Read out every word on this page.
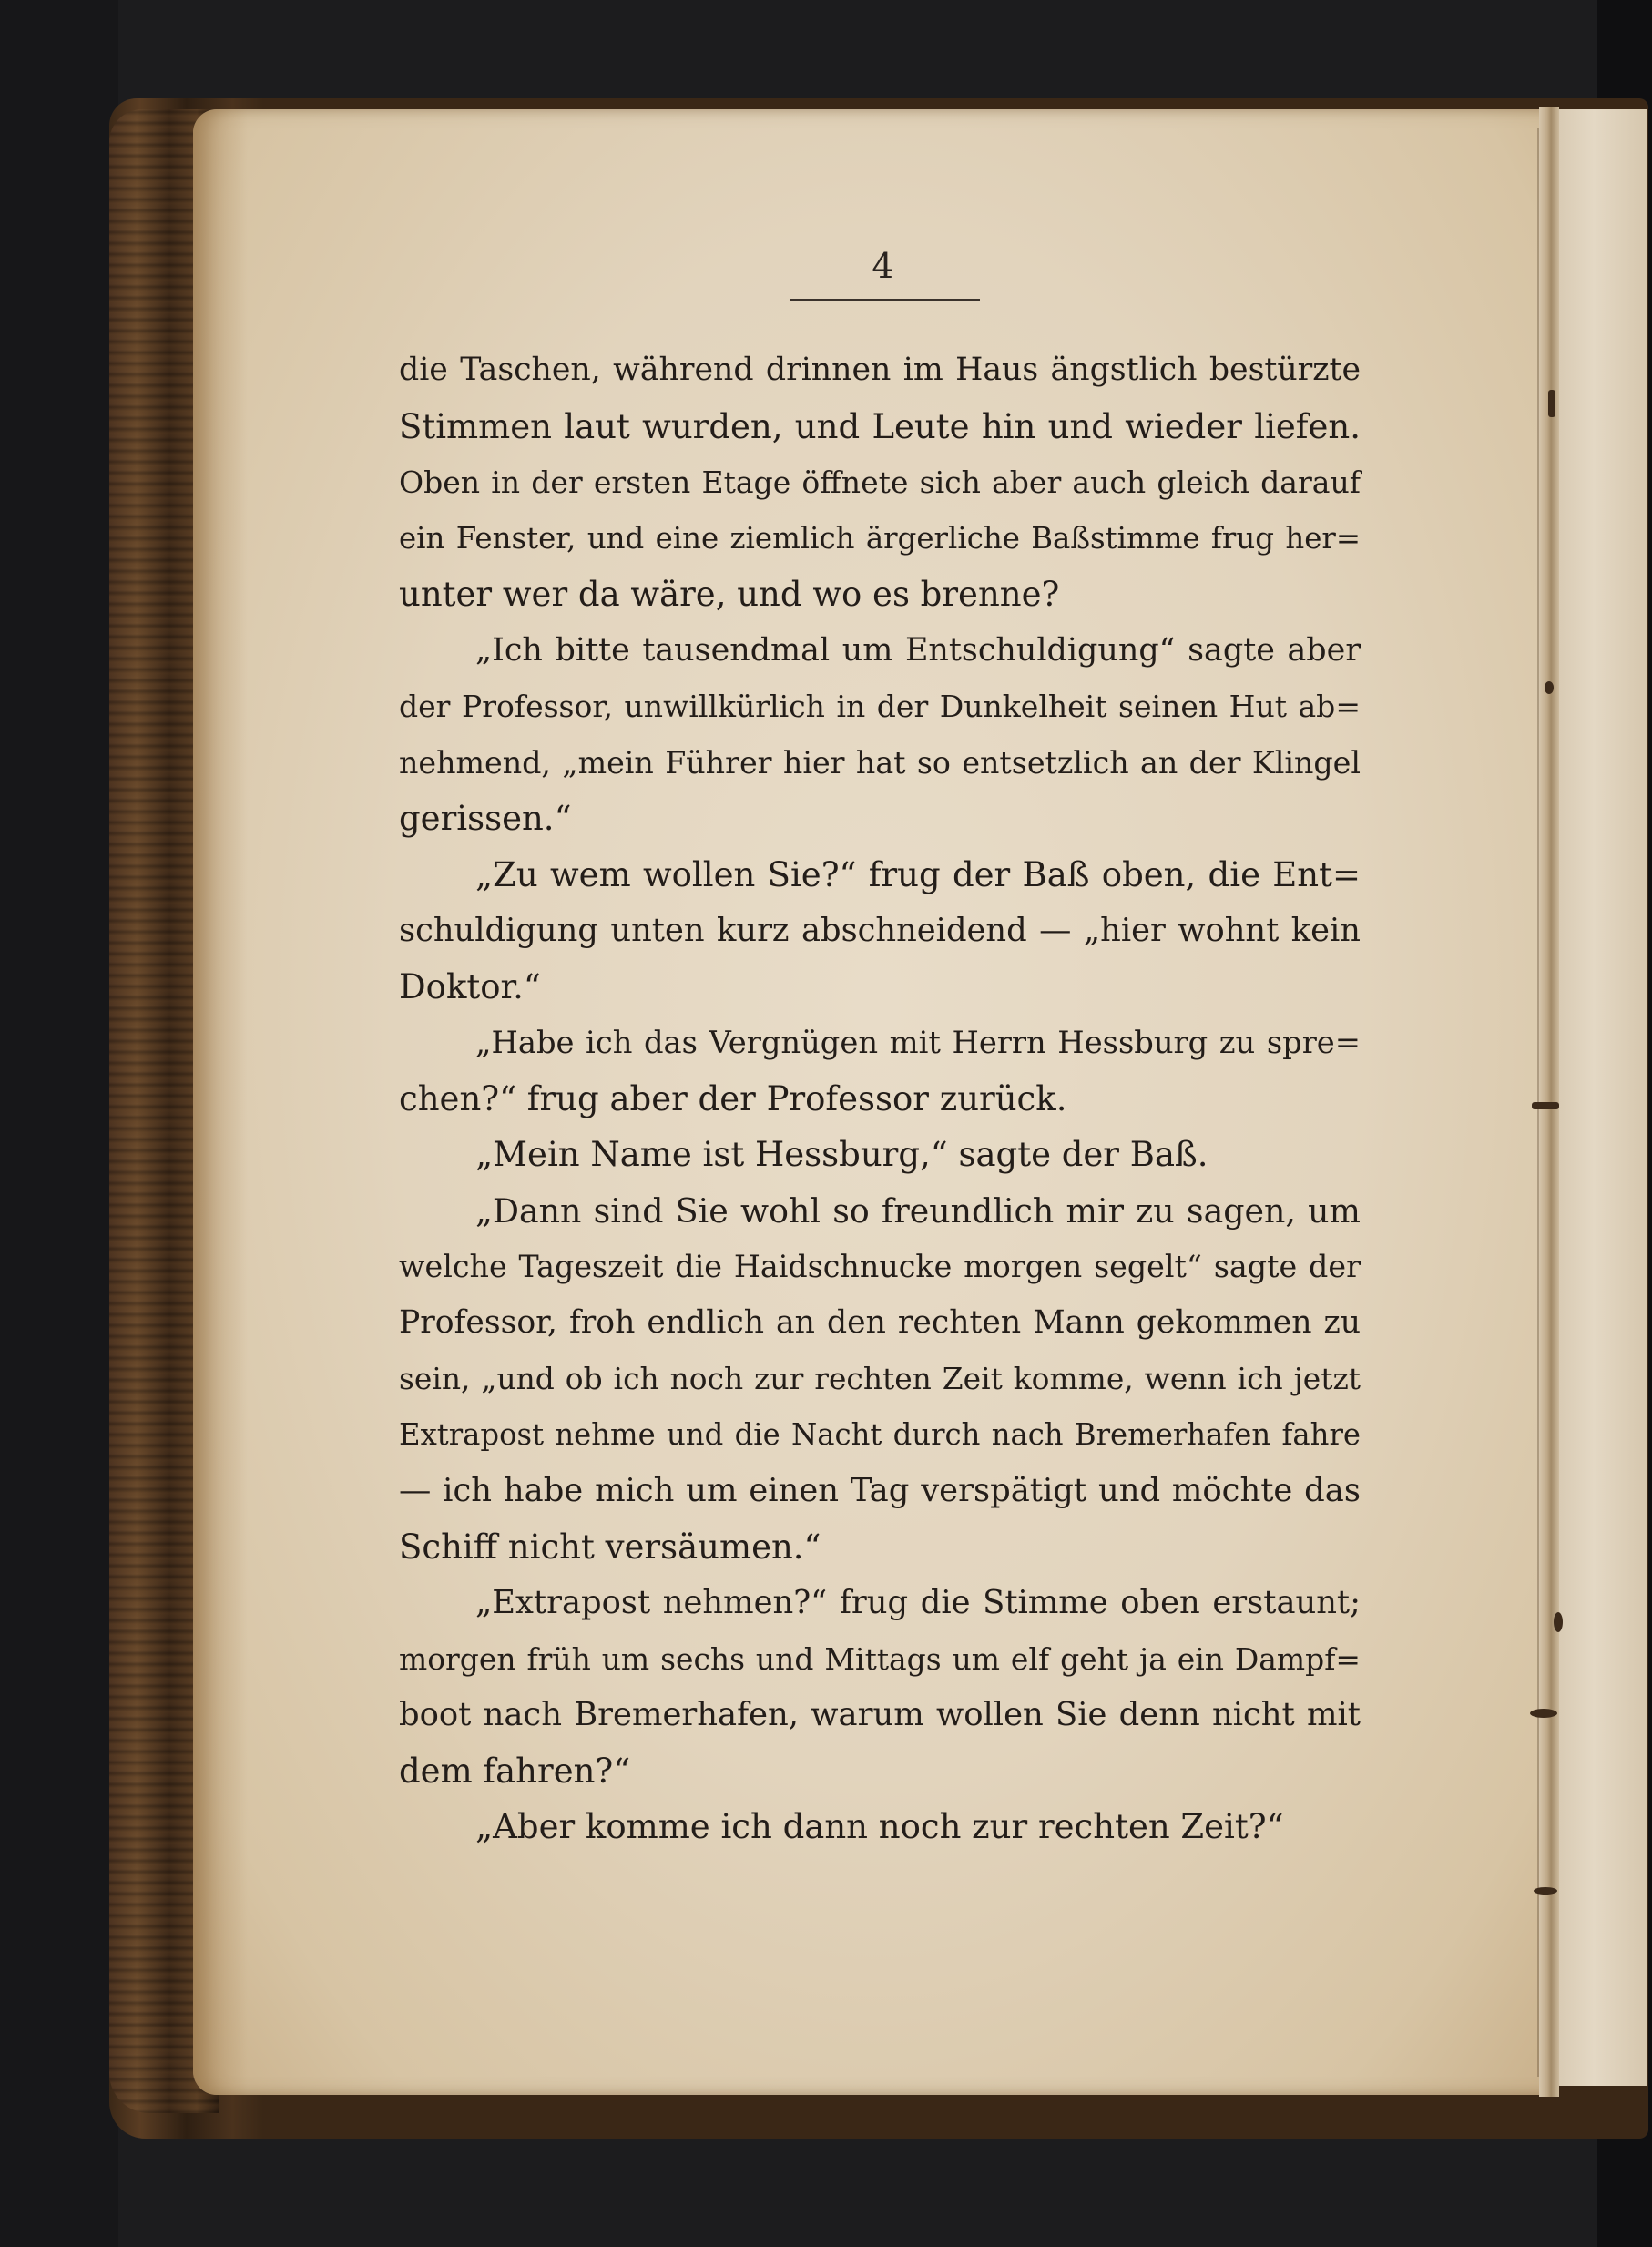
4
die Taschen, während drinnen im Haus ängstlich bestürzte
Stimmen laut wurden, und Leute hin und wieder liefen.
Oben in der ersten Etage öffnete sich aber auch gleich darauf
ein Fenster, und eine ziemlich ärgerliche Baßstimme frug her=
unter wer da wäre, und wo es brenne?
„Ich bitte tausendmal um Entschuldigung“ sagte aber
der Professor, unwillkürlich in der Dunkelheit seinen Hut ab=
nehmend, „mein Führer hier hat so entsetzlich an der Klingel
gerissen.“
„Zu wem wollen Sie?“ frug der Baß oben, die Ent=
schuldigung unten kurz abschneidend — „hier wohnt kein
Doktor.“
„Habe ich das Vergnügen mit Herrn Hessburg zu spre=
chen?“ frug aber der Professor zurück.
„Mein Name ist Hessburg,“ sagte der Baß.
„Dann sind Sie wohl so freundlich mir zu sagen, um
welche Tageszeit die Haidschnucke morgen segelt“ sagte der
Professor, froh endlich an den rechten Mann gekommen zu
sein, „und ob ich noch zur rechten Zeit komme, wenn ich jetzt
Extrapost nehme und die Nacht durch nach Bremerhafen fahre
— ich habe mich um einen Tag verspätigt und möchte das
Schiff nicht versäumen.“
„Extrapost nehmen?“ frug die Stimme oben erstaunt;
morgen früh um sechs und Mittags um elf geht ja ein Dampf=
boot nach Bremerhafen, warum wollen Sie denn nicht mit
dem fahren?“
„Aber komme ich dann noch zur rechten Zeit?“
